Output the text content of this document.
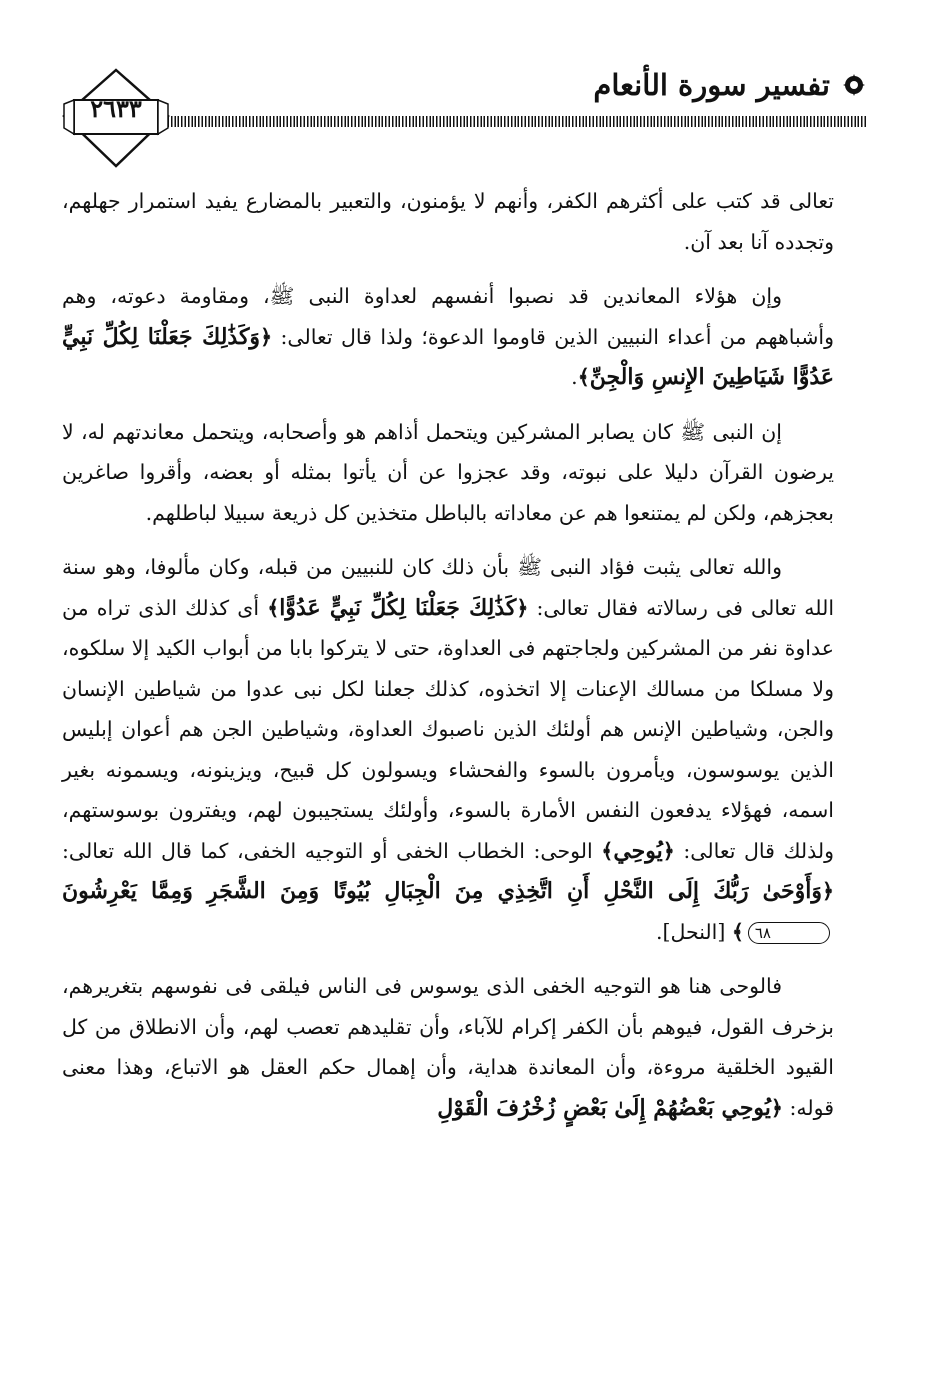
تفسير سورة الأنعام
٢٦٣٣

تعالى قد كتب على أكثرهم الكفر، وأنهم لا يؤمنون، والتعبير بالمضارع يفيد استمرار جهلهم، وتجدده آنا بعد آن.

وإن هؤلاء المعاندين قد نصبوا أنفسهم لعداوة النبى ﷺ، ومقاومة دعوته، وهم وأشباههم من أعداء النبيين الذين قاوموا الدعوة؛ ولذا قال تعالى: ﴿وَكَذَٰلِكَ جَعَلْنَا لِكُلِّ نَبِيٍّ عَدُوًّا شَيَاطِينَ الإِنسِ وَالْجِنِّ﴾.

إن النبى ﷺ كان يصابر المشركين ويتحمل أذاهم هو وأصحابه، ويتحمل معاندتهم له، لا يرضون القرآن دليلا على نبوته، وقد عجزوا عن أن يأتوا بمثله أو بعضه، وأقروا صاغرين بعجزهم، ولكن لم يمتنعوا هم عن معاداته بالباطل متخذين كل ذريعة سبيلا لباطلهم.

والله تعالى يثبت فؤاد النبى ﷺ بأن ذلك كان للنبيين من قبله، وكان مألوفا، وهو سنة الله تعالى فى رسالاته فقال تعالى: ﴿كَذَٰلِكَ جَعَلْنَا لِكُلِّ نَبِيٍّ عَدُوًّا﴾ أى كذلك الذى تراه من عداوة نفر من المشركين ولجاجتهم فى العداوة، حتى لا يتركوا بابا من أبواب الكيد إلا سلكوه، ولا مسلكا من مسالك الإعنات إلا اتخذوه، كذلك جعلنا لكل نبى عدوا من شياطين الإنسان والجن، وشياطين الإنس هم أولئك الذين ناصبوك العداوة، وشياطين الجن هم أعوان إبليس الذين يوسوسون، ويأمرون بالسوء والفحشاء ويسولون كل قبيح، ويزينونه، ويسمونه بغير اسمه، فهؤلاء يدفعون النفس الأمارة بالسوء، وأولئك يستجيبون لهم، ويفترون بوسوستهم، ولذلك قال تعالى: ﴿يُوحِي﴾ الوحى: الخطاب الخفى أو التوجيه الخفى، كما قال الله تعالى: ﴿وَأَوْحَىٰ رَبُّكَ إِلَى النَّحْلِ أَنِ اتَّخِذِي مِنَ الْجِبَالِ بُيُوتًا وَمِنَ الشَّجَرِ وَمِمَّا يَعْرِشُونَ٦٨﴾ [النحل].

فالوحى هنا هو التوجيه الخفى الذى يوسوس فى الناس فيلقى فى نفوسهم بتغريرهم، بزخرف القول، فيوهم بأن الكفر إكرام للآباء، وأن تقليدهم تعصب لهم، وأن الانطلاق من كل القيود الخلقية مروءة، وأن المعاندة هداية، وأن إهمال حكم العقل هو الاتباع، وهذا معنى قوله: ﴿يُوحِي بَعْضُهُمْ إِلَىٰ بَعْضٍ زُخْرُفَ الْقَوْلِ
